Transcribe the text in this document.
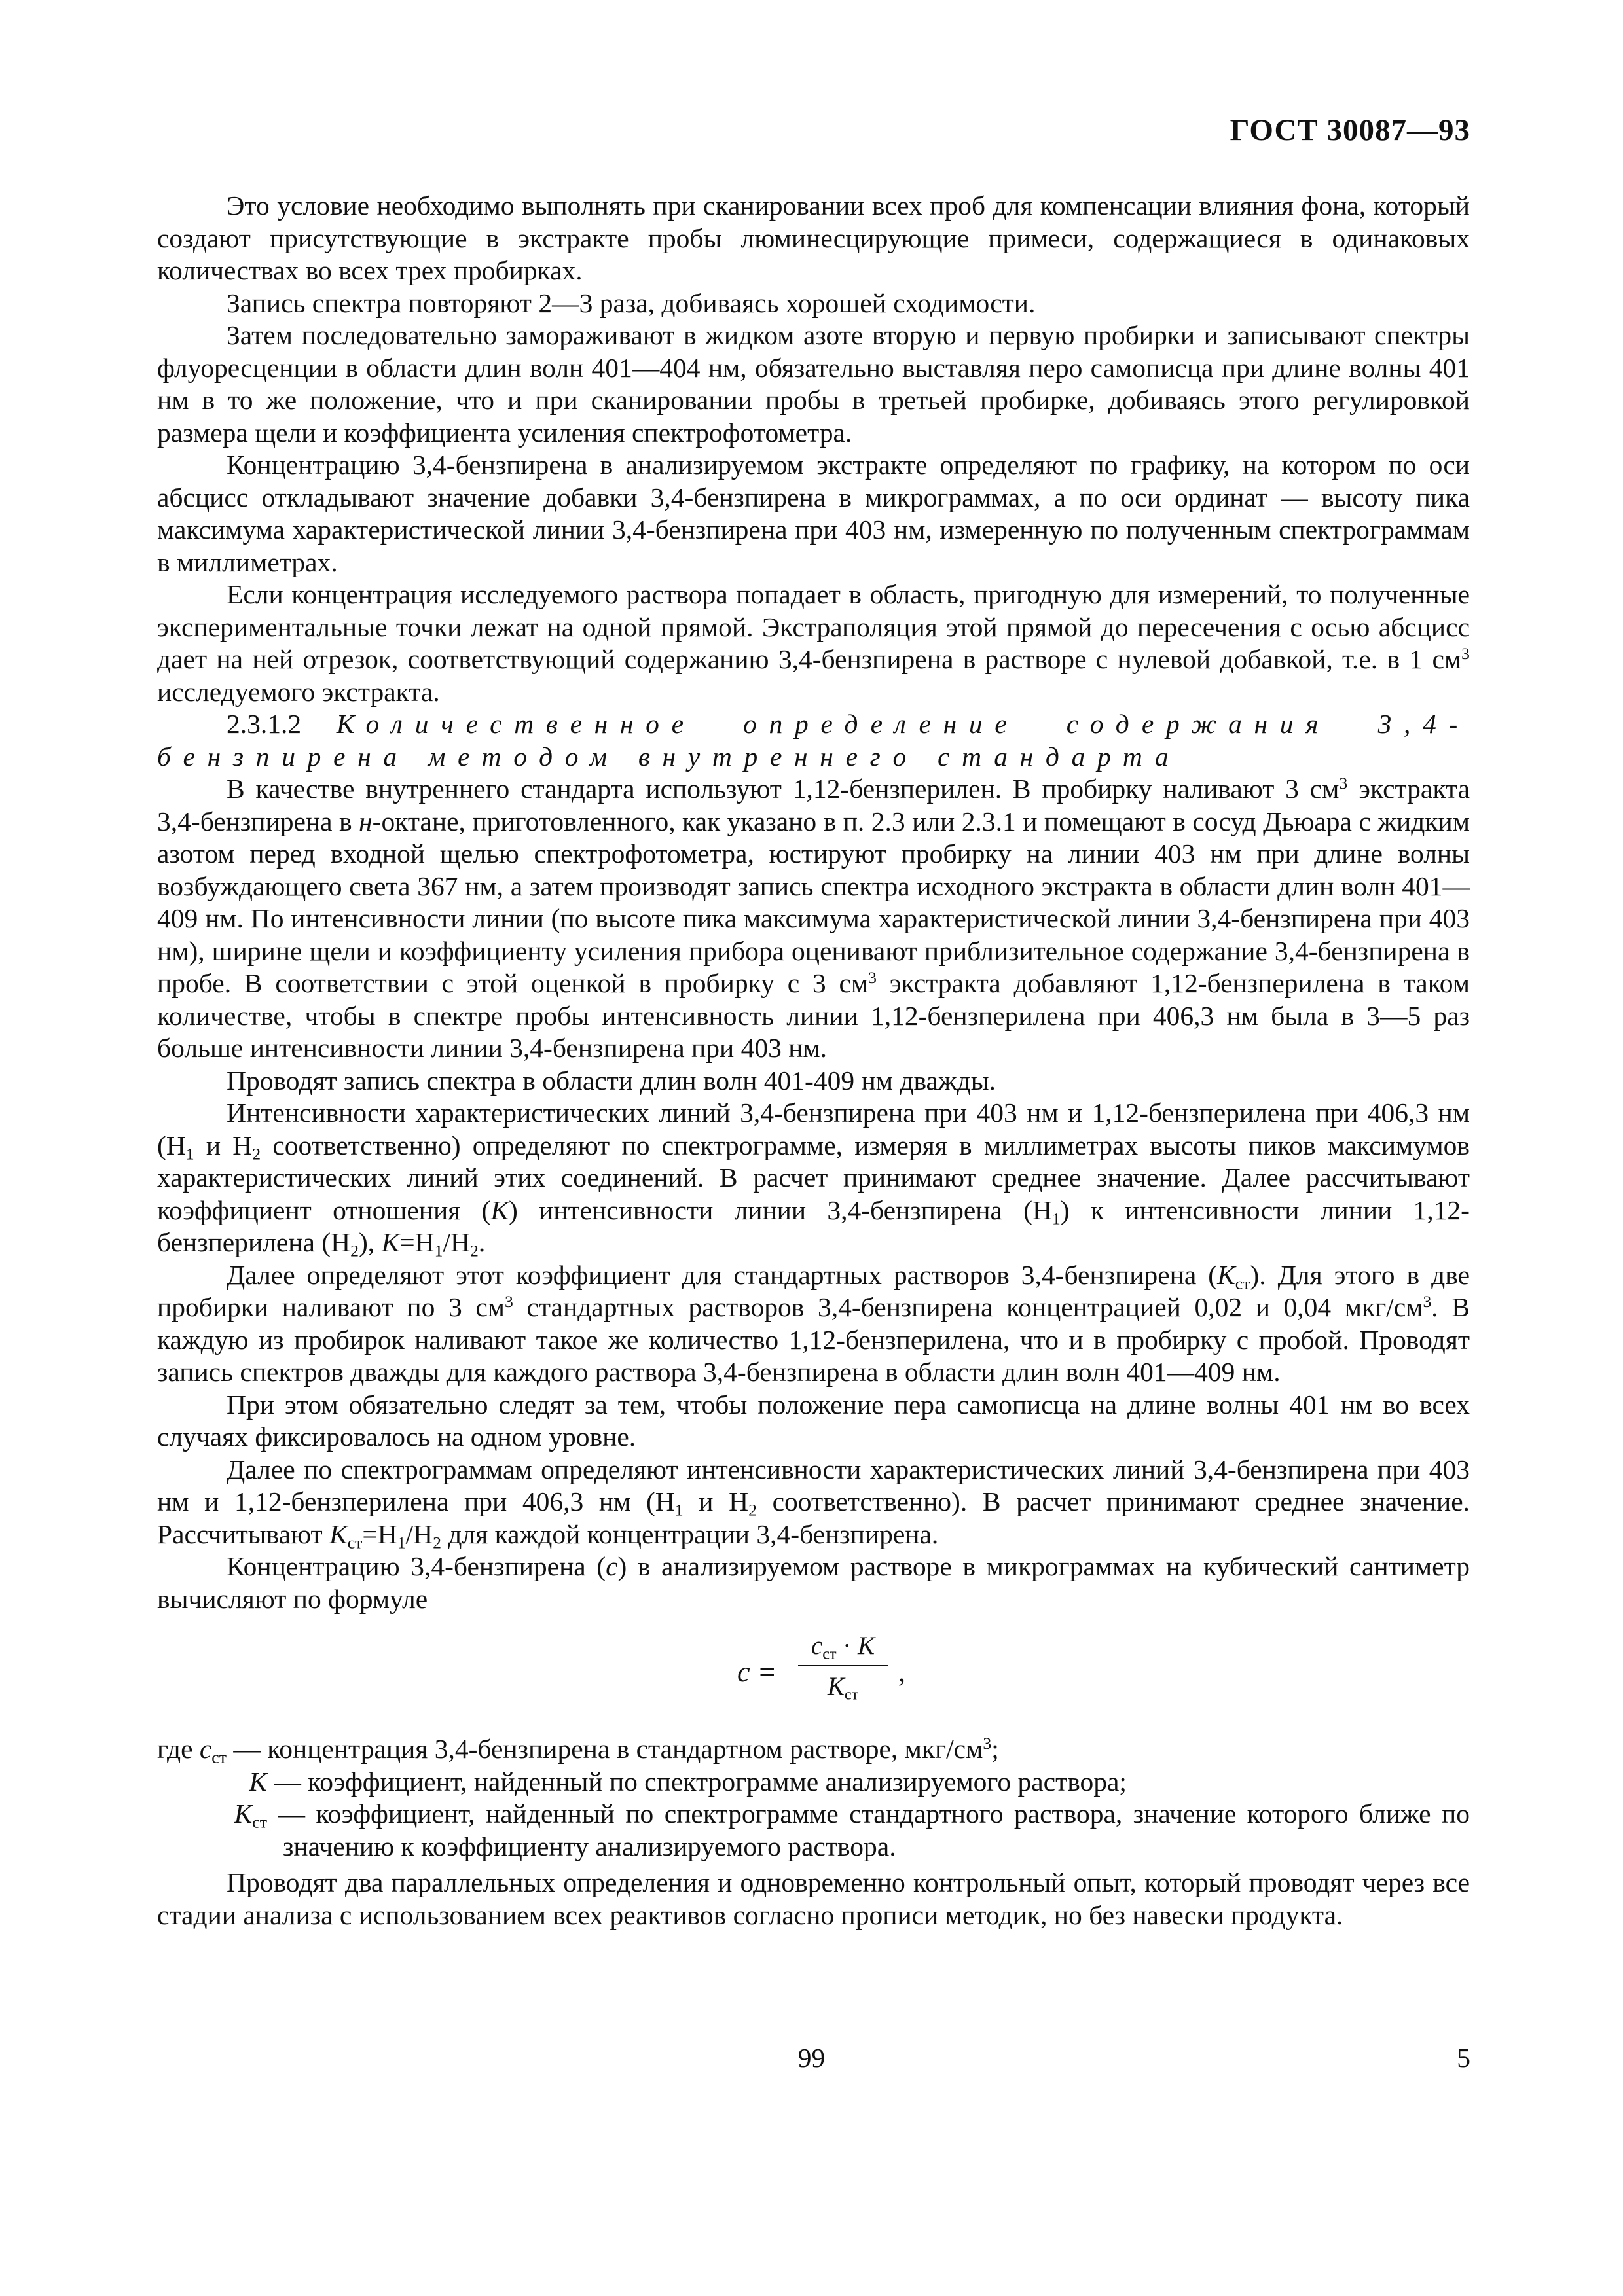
ГОСТ 30087—93

Это условие необходимо выполнять при сканировании всех проб для компенсации влияния фона, который создают присутствующие в экстракте пробы люминесцирующие примеси, содержащиеся в одинаковых количествах во всех трех пробирках.

Запись спектра повторяют 2—3 раза, добиваясь хорошей сходимости.

Затем последовательно замораживают в жидком азоте вторую и первую пробирки и записывают спектры флуоресценции в области длин волн 401—404 нм, обязательно выставляя перо самописца при длине волны 401 нм в то же положение, что и при сканировании пробы в третьей пробирке, добиваясь этого регулировкой размера щели и коэффициента усиления спектрофотометра.

Концентрацию 3,4-бензпирена в анализируемом экстракте определяют по графику, на котором по оси абсцисс откладывают значение добавки 3,4-бензпирена в микрограммах, а по оси ординат — высоту пика максимума характеристической линии 3,4-бензпирена при 403 нм, измеренную по полученным спектрограммам в миллиметрах.

Если концентрация исследуемого раствора попадает в область, пригодную для измерений, то полученные экспериментальные точки лежат на одной прямой. Экстраполяция этой прямой до пересечения с осью абсцисс дает на ней отрезок, соответствующий содержанию 3,4-бензпирена в растворе с нулевой добавкой, т.е. в 1 $см^3$ исследуемого экстракта.

2.3.1.2 Количественное определение содержания 3,4-бензпирена методом внутреннего стандарта

В качестве внутреннего стандарта используют 1,12-бензперилен. В пробирку наливают 3 $см^3$ экстракта 3,4-бензпирена в н-октане, приготовленного, как указано в п. 2.3 или 2.3.1 и помещают в сосуд Дьюара с жидким азотом перед входной щелью спектрофотометра, юстируют пробирку на линии 403 нм при длине волны возбуждающего света 367 нм, а затем производят запись спектра исходного экстракта в области длин волн 401—409 нм. По интенсивности линии (по высоте пика максимума характеристической линии 3,4-бензпирена при 403 нм), ширине щели и коэффициенту усиления прибора оценивают приблизительное содержание 3,4-бензпирена в пробе. В соответствии с этой оценкой в пробирку с 3 $см^3$ экстракта добавляют 1,12-бензперилена в таком количестве, чтобы в спектре пробы интенсивность линии 1,12-бензперилена при 406,3 нм была в 3—5 раз больше интенсивности линии 3,4-бензпирена при 403 нм.

Проводят запись спектра в области длин волн 401-409 нм дважды.

Интенсивности характеристических линий 3,4-бензпирена при 403 нм и 1,12-бензперилена при 406,3 нм ($H_1$ и $H_2$ соответственно) определяют по спектрограмме, измеряя в миллиметрах высоты пиков максимумов характеристических линий этих соединений. В расчет принимают среднее значение. Далее рассчитывают коэффициент отношения (K) интенсивности линии 3,4-бензпирена $(H_1)$ к интенсивности линии 1,12-бензперилена $(H_2)$, $K=H_1/H_2$.

Далее определяют этот коэффициент для стандартных растворов 3,4-бензпирена $(K_{ст})$. Для этого в две пробирки наливают по 3 $см^3$ стандартных растворов 3,4-бензпирена концентрацией 0,02 и 0,04 мкг/$см^3$. В каждую из пробирок наливают такое же количество 1,12-бензперилена, что и в пробирку с пробой. Проводят запись спектров дважды для каждого раствора 3,4-бензпирена в области длин волн 401—409 нм.

При этом обязательно следят за тем, чтобы положение пера самописца на длине волны 401 нм во всех случаях фиксировалось на одном уровне.

Далее по спектрограммам определяют интенсивности характеристических линий 3,4-бензпирена при 403 нм и 1,12-бензперилена при 406,3 нм ($H_1$ и $H_2$ соответственно). В расчет принимают среднее значение. Рассчитывают $K_{ст}=H_1/H_2$ для каждой концентрации 3,4-бензпирена.

Концентрацию 3,4-бензпирена (c) в анализируемом растворе в микрограммах на кубический сантиметр вычисляют по формуле

c =
$c_{ст} \cdot K$
$K_{ст}$
,
где $c_{ст}$ — концентрация 3,4-бензпирена в стандартном растворе, мкг/$см^3$;
K — коэффициент, найденный по спектрограмме анализируемого раствора;
$K_{ст}$ — коэффициент, найденный по спектрограмме стандартного раствора, значение которого ближе по значению к коэффициенту анализируемого раствора.

Проводят два параллельных определения и одновременно контрольный опыт, который проводят через все стадии анализа с использованием всех реактивов согласно прописи методик, но без навески продукта.

99	5
